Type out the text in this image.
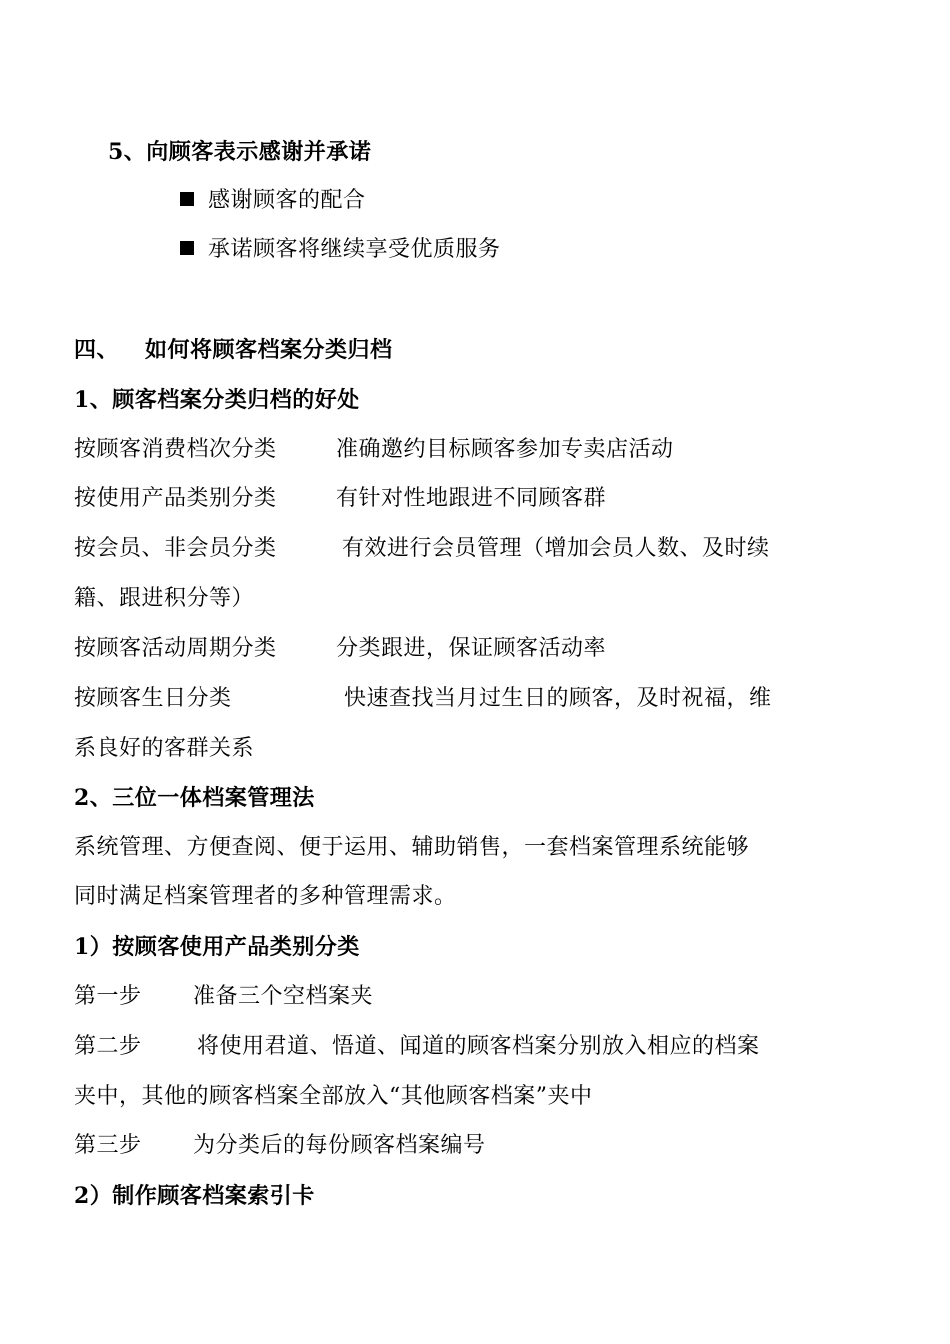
5、向顾客表示感谢并承诺
感谢顾客的配合
承诺顾客将继续享受优质服务
四、 如何将顾客档案分类归档
1、顾客档案分类归档的好处
按顾客消费档次分类	准确邀约目标顾客参加专卖店活动
按使用产品类别分类	有针对性地跟进不同顾客群
按会员、非会员分类	有效进行会员管理（增加会员人数、及时续
籍、跟进积分等）
按顾客活动周期分类	分类跟进，保证顾客活动率
按顾客生日分类	快速查找当月过生日的顾客，及时祝福，维
系良好的客群关系
2、三位一体档案管理法
系统管理、方便查阅、便于运用、辅助销售，一套档案管理系统能够
同时满足档案管理者的多种管理需求。
1）按顾客使用产品类别分类
第一步 准备三个空档案夹
第二步	将使用君道、悟道、闻道的顾客档案分别放入相应的档案
夹中，其他的顾客档案全部放入“其他顾客档案”夹中
第三步 为分类后的每份顾客档案编号
2）制作顾客档案索引卡
